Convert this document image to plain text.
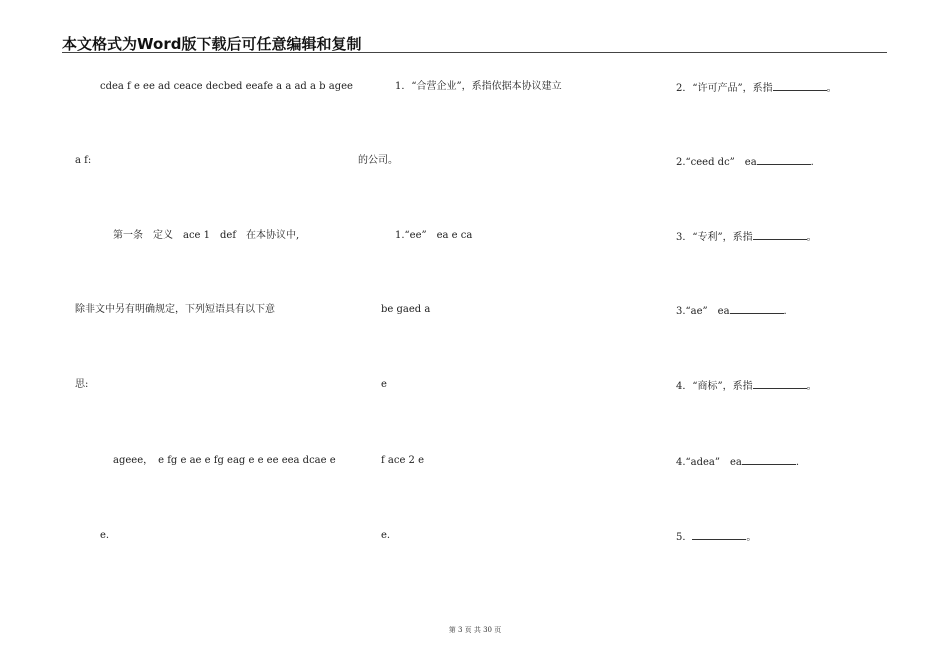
本文格式为Word版下载后可任意编辑和复制
cdea f e ee ad ceace decbed eeafe a a ad a b agee
a f:
第一条　定义　ace 1　def　在本协议中,
除非文中另有明确规定，下列短语具有以下意
思:
ageee，　e fg e ae e fg eag e e ee eea dcae e
e.
1．“合营企业”，系指依据本协议建立
的公司。
1.“ee”　ea e ca
be gaed a
e
f ace 2 e
e.
2．“许可产品”，系指	。
2.“ceed dc”　ea	.
3．“专利”，系指	。
3.“ae”　ea	.
4．“商标”，系指	。
4.“adea”　ea	.
5．	。
第 3 页 共 30 页
